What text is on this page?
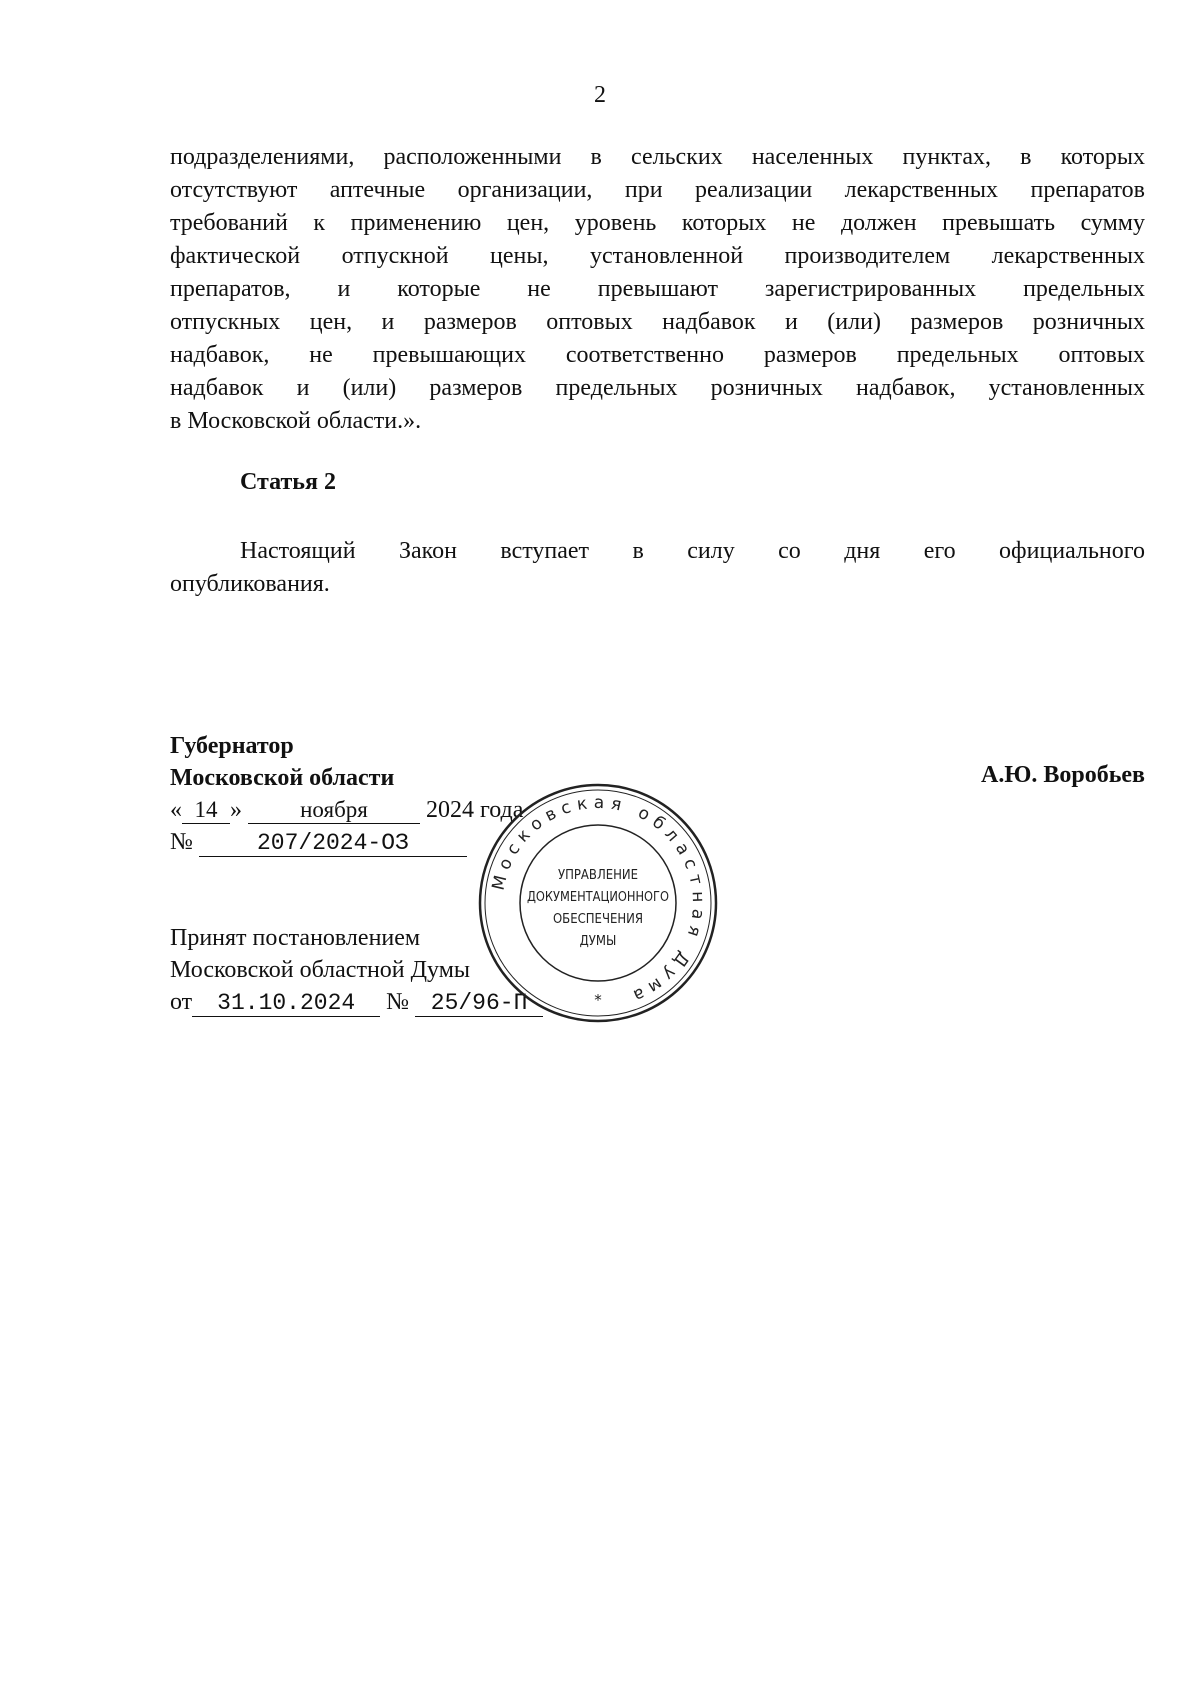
2
подразделениями, расположенными в сельских населенных пунктах, в которых
отсутствуют аптечные организации, при реализации лекарственных препаратов
требований к применению цен, уровень которых не должен превышать сумму
фактической отпускной цены, установленной производителем лекарственных
препаратов, и которые не превышают зарегистрированных предельных
отпускных цен, и размеров оптовых надбавок и (или) размеров розничных
надбавок, не превышающих соответственно размеров предельных оптовых
надбавок и (или) размеров предельных розничных надбавок, установленных
в Московской области.».
Статья 2
Настоящий Закон вступает в силу со дня его официального
опубликования.
Губернатор
Московской области	А.Ю. Воробьев
« 14 »	ноября 2024 года
№	207/2024-ОЗ
Принят постановлением
Московской областной Думы
от 31.10.2024 № 25/96-П
Московская областная Дума
УПРАВЛЕНИЕ
ДОКУМЕНТАЦИОННОГО
ОБЕСПЕЧЕНИЯ
ДУМЫ
*
